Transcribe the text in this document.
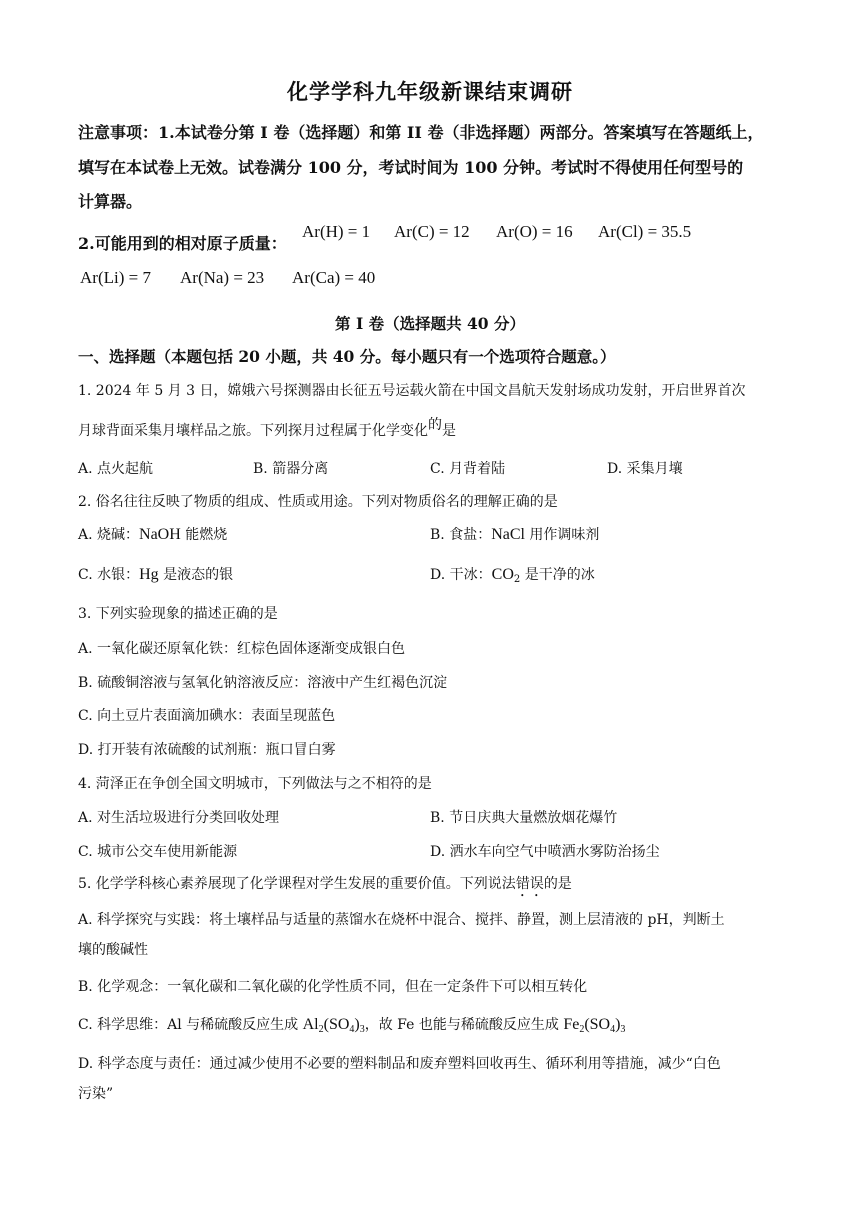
化学学科九年级新课结束调研
注意事项：1.本试卷分第 I 卷（选择题）和第 II 卷（非选择题）两部分。答案填写在答题纸上，
填写在本试卷上无效。试卷满分 100 分，考试时间为 100 分钟。考试时不得使用任何型号的
计算器。
2.可能用到的相对原子质量：
Ar(H) = 1 Ar(C) = 12 Ar(O) = 16 Ar(Cl) = 35.5
Ar(Li) = 7 Ar(Na) = 23 Ar(Ca) = 40
第 I 卷（选择题共 40 分）
一、选择题（本题包括 20 小题，共 40 分。每小题只有一个选项符合题意。）
1. 2024 年 5 月 3 日，嫦娥六号探测器由长征五号运载火箭在中国文昌航天发射场成功发射，开启世界首次
月球背面采集月壤样品之旅。下列探月过程属于化学变化的是
A. 点火起航	B. 箭器分离	C. 月背着陆	D. 采集月壤
2. 俗名往往反映了物质的组成、性质或用途。下列对物质俗名的理解正确的是
A. 烧碱：NaOH 能燃烧	B. 食盐：NaCl 用作调味剂
C. 水银：Hg 是液态的银	D. 干冰：$CO_2$ 是干净的冰
3. 下列实验现象的描述正确的是
A. 一氧化碳还原氧化铁：红棕色固体逐渐变成银白色
B. 硫酸铜溶液与氢氧化钠溶液反应：溶液中产生红褐色沉淀
C. 向土豆片表面滴加碘水：表面呈现蓝色
D. 打开装有浓硫酸的试剂瓶：瓶口冒白雾
4. 菏泽正在争创全国文明城市，下列做法与之不相符的是
A. 对生活垃圾进行分类回收处理	B. 节日庆典大量燃放烟花爆竹
C. 城市公交车使用新能源	D. 洒水车向空气中喷洒水雾防治扬尘
5. 化学学科核心素养展现了化学课程对学生发展的重要价值。下列说法错误的是
A. 科学探究与实践：将土壤样品与适量的蒸馏水在烧杯中混合、搅拌、静置，测上层清液的 pH，判断土
壤的酸碱性
B. 化学观念：一氧化碳和二氧化碳的化学性质不同，但在一定条件下可以相互转化
C. 科学思维：Al 与稀硫酸反应生成 $Al_2(SO_4)_3$，故 Fe 也能与稀硫酸反应生成 $Fe_2(SO_4)_3$
D. 科学态度与责任：通过减少使用不必要的塑料制品和废弃塑料回收再生、循环利用等措施，减少“白色
污染”
